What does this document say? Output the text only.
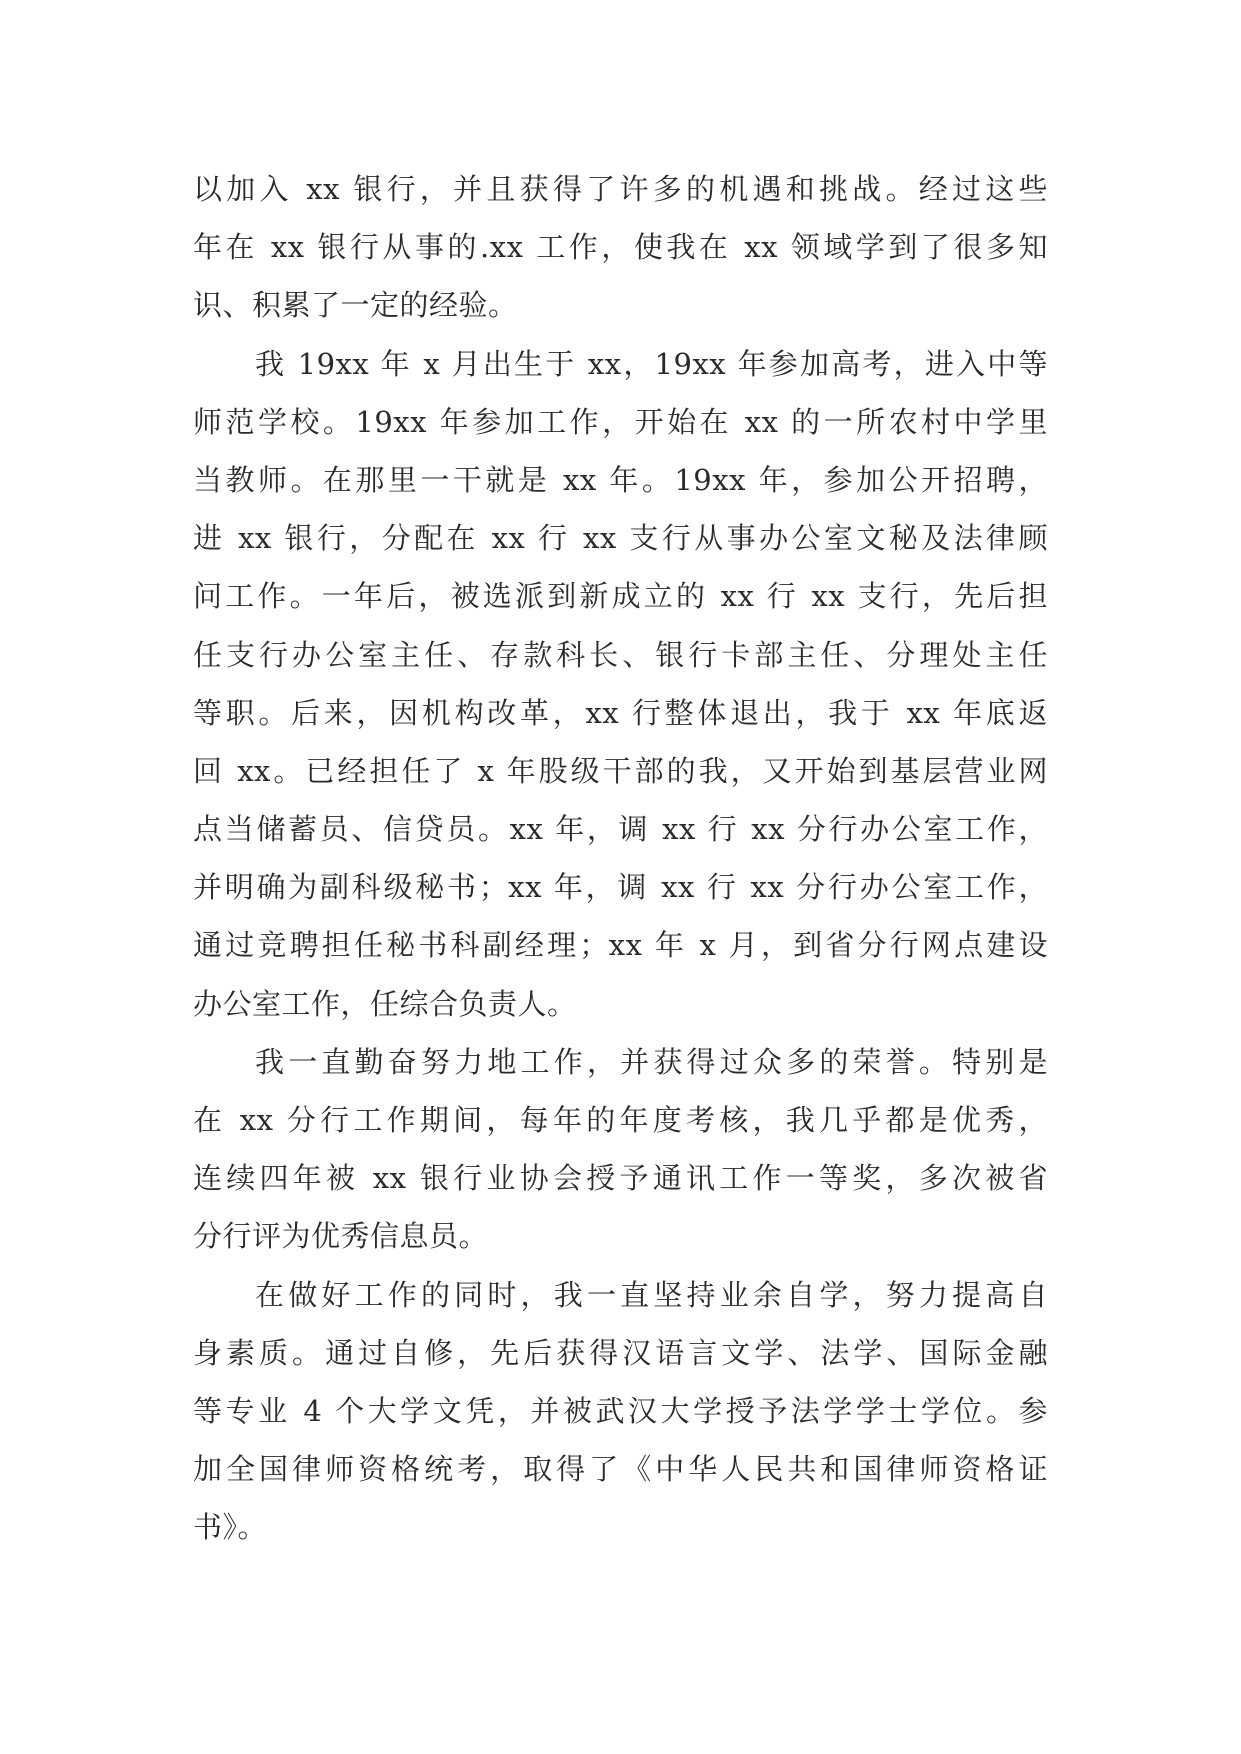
以加入 xx 银行，并且获得了许多的机遇和挑战。经过这些
年在 xx 银行从事的.xx 工作，使我在 xx 领域学到了很多知
识、积累了一定的经验。
我 19xx 年 x 月出生于 xx，19xx 年参加高考，进入中等
师范学校。19xx 年参加工作，开始在 xx 的一所农村中学里
当教师。在那里一干就是 xx 年。19xx 年，参加公开招聘，
进 xx 银行，分配在 xx 行 xx 支行从事办公室文秘及法律顾
问工作。一年后，被选派到新成立的 xx 行 xx 支行，先后担
任支行办公室主任、存款科长、银行卡部主任、分理处主任
等职。后来，因机构改革，xx 行整体退出，我于 xx 年底返
回 xx。已经担任了 x 年股级干部的我，又开始到基层营业网
点当储蓄员、信贷员。xx 年，调 xx 行 xx 分行办公室工作，
并明确为副科级秘书；xx 年，调 xx 行 xx 分行办公室工作，
通过竞聘担任秘书科副经理；xx 年 x 月，到省分行网点建设
办公室工作，任综合负责人。
我一直勤奋努力地工作，并获得过众多的荣誉。特别是
在 xx 分行工作期间，每年的年度考核，我几乎都是优秀，
连续四年被 xx 银行业协会授予通讯工作一等奖，多次被省
分行评为优秀信息员。
在做好工作的同时，我一直坚持业余自学，努力提高自
身素质。通过自修，先后获得汉语言文学、法学、国际金融
等专业 4 个大学文凭，并被武汉大学授予法学学士学位。参
加全国律师资格统考，取得了《中华人民共和国律师资格证
书》。
